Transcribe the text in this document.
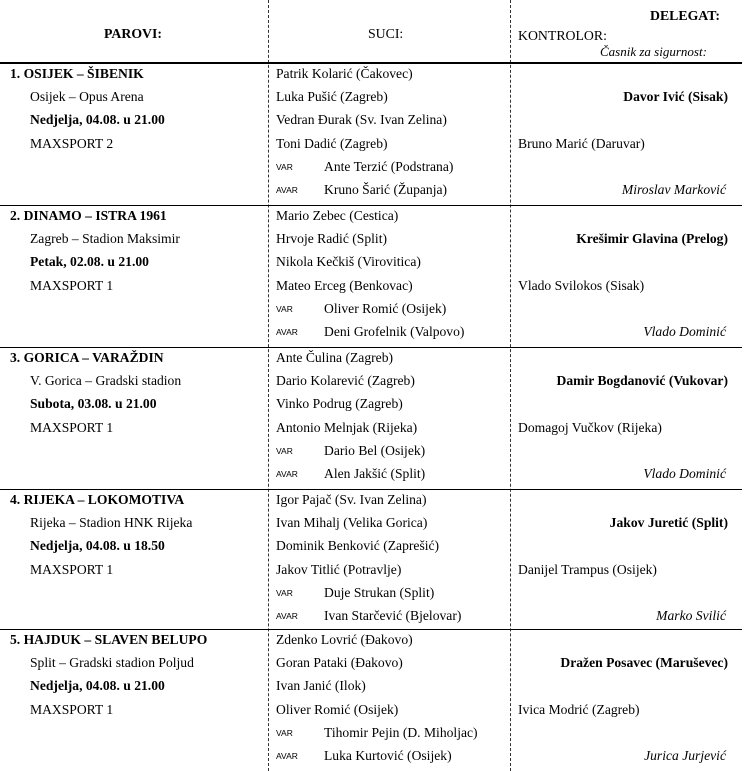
PAROVI:	SUCI:
DELEGAT:
KONTROLOR:
Časnik za sigurnost:
1. OSIJEK – ŠIBENIK
Osijek – Opus Arena
Nedjelja, 04.08. u 21.00
MAXSPORT 2
Patrik Kolarić (Čakovec)
Luka Pušić (Zagreb)
Vedran Đurak (Sv. Ivan Zelina)
Toni Dadić (Zagreb)
VAR Ante Terzić (Podstrana)
AVAR Kruno Šarić (Županja)
Davor Ivić (Sisak)
Bruno Marić (Daruvar)
Miroslav Marković
2. DINAMO – ISTRA 1961
Zagreb – Stadion Maksimir
Petak, 02.08. u 21.00
MAXSPORT 1
Mario Zebec (Cestica)
Hrvoje Radić (Split)
Nikola Kečkiš (Virovitica)
Mateo Erceg (Benkovac)
VAR Oliver Romić (Osijek)
AVAR Deni Grofelnik (Valpovo)
Krešimir Glavina (Prelog)
Vlado Svilokos (Sisak)
Vlado Dominić
3. GORICA – VARAŽDIN
V. Gorica – Gradski stadion
Subota, 03.08. u 21.00
MAXSPORT 1
Ante Čulina (Zagreb)
Dario Kolarević (Zagreb)
Vinko Podrug (Zagreb)
Antonio Melnjak (Rijeka)
VAR Dario Bel (Osijek)
AVAR Alen Jakšić (Split)
Damir Bogdanović (Vukovar)
Domagoj Vučkov (Rijeka)
Vlado Dominić
4. RIJEKA – LOKOMOTIVA
Rijeka – Stadion HNK Rijeka
Nedjelja, 04.08. u 18.50
MAXSPORT 1
Igor Pajač (Sv. Ivan Zelina)
Ivan Mihalj (Velika Gorica)
Dominik Benković (Zaprešić)
Jakov Titlić (Potravlje)
VAR Duje Strukan (Split)
AVAR Ivan Starčević (Bjelovar)
Jakov Juretić (Split)
Danijel Trampus (Osijek)
Marko Svilić
5. HAJDUK – SLAVEN BELUPO
Split – Gradski stadion Poljud
Nedjelja, 04.08. u 21.00
MAXSPORT 1
Zdenko Lovrić (Đakovo)
Goran Pataki (Đakovo)
Ivan Janić (Ilok)
Oliver Romić (Osijek)
VAR Tihomir Pejin (D. Miholjac)
AVAR Luka Kurtović (Osijek)
Dražen Posavec (Maruševec)
Ivica Modrić (Zagreb)
Jurica Jurjević
